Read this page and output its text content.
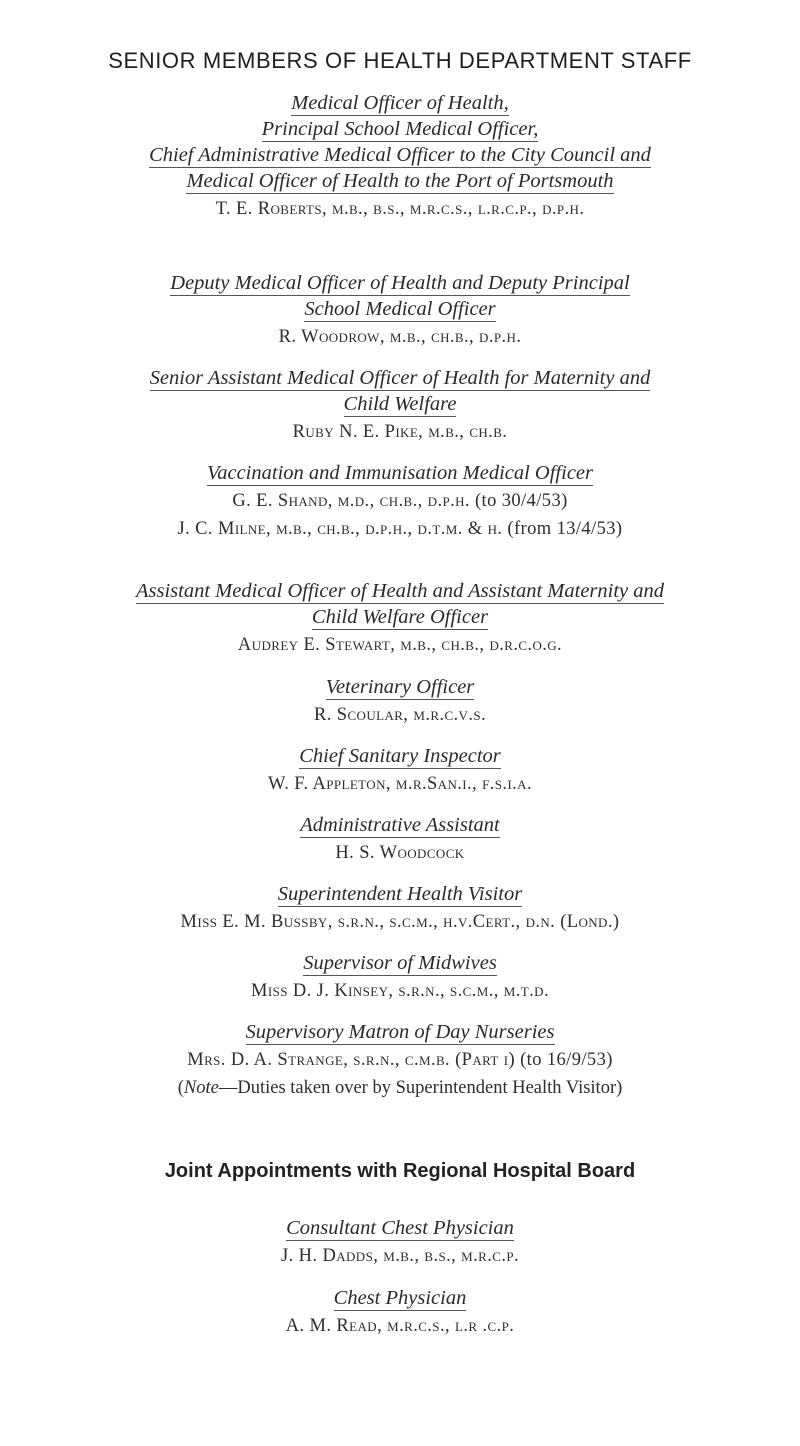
SENIOR MEMBERS OF HEALTH DEPARTMENT STAFF
Medical Officer of Health,
Principal School Medical Officer,
Chief Administrative Medical Officer to the City Council and
Medical Officer of Health to the Port of Portsmouth
T. E. Roberts, m.b., b.s., m.r.c.s., l.r.c.p., d.p.h.
Deputy Medical Officer of Health and Deputy Principal
School Medical Officer
R. Woodrow, m.b., ch.b., d.p.h.
Senior Assistant Medical Officer of Health for Maternity and
Child Welfare
Ruby N. E. Pike, m.b., ch.b.
Vaccination and Immunisation Medical Officer
G. E. Shand, m.d., ch.b., d.p.h. (to 30/4/53)
J. C. Milne, m.b., ch.b., d.p.h., d.t.m. & h. (from 13/4/53)
Assistant Medical Officer of Health and Assistant Maternity and
Child Welfare Officer
Audrey E. Stewart, m.b., ch.b., d.r.c.o.g.
Veterinary Officer
R. Scoular, m.r.c.v.s.
Chief Sanitary Inspector
W. F. Appleton, m.r.San.i., f.s.i.a.
Administrative Assistant
H. S. Woodcock
Superintendent Health Visitor
Miss E. M. Bussby, s.r.n., s.c.m., h.v.Cert., d.n. (Lond.)
Supervisor of Midwives
Miss D. J. Kinsey, s.r.n., s.c.m., m.t.d.
Supervisory Matron of Day Nurseries
Mrs. D. A. Strange, s.r.n., c.m.b. (Part i) (to 16/9/53)
(Note—Duties taken over by Superintendent Health Visitor)
Joint Appointments with Regional Hospital Board
Consultant Chest Physician
J. H. Dadds, m.b., b.s., m.r.c.p.
Chest Physician
A. M. Read, m.r.c.s., l.r .c.p.
